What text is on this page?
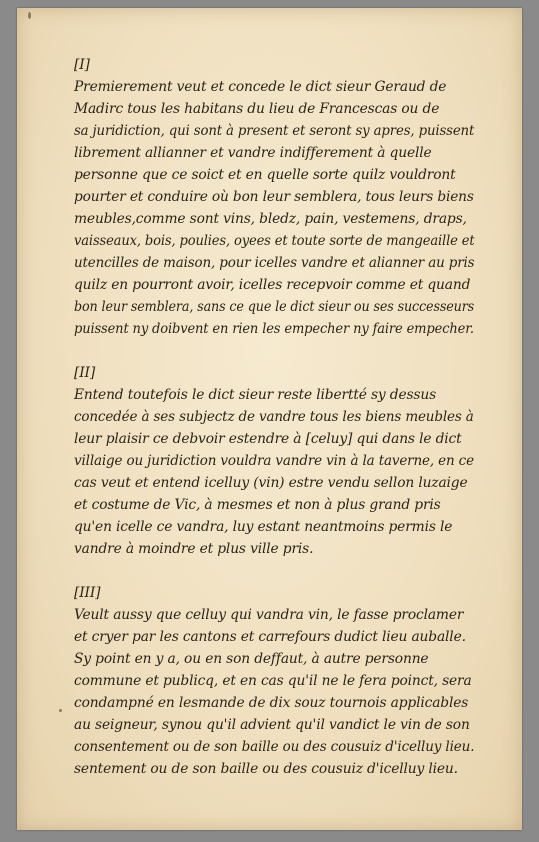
[I]
Premierement veut et concede le dict sieur Geraud de
Madirc tous les habitans du lieu de Francescas ou de
sa juridiction, qui sont à present et seront sy apres, puissent
librement allianner et vandre indifferement à quelle
personne que ce soict et en quelle sorte quilz vouldront
pourter et conduire où bon leur semblera, tous leurs biens
meubles,comme sont vins, bledz, pain, vestemens, draps,
vaisseaux, bois, poulies, oyees et toute sorte de mangeaille et
utencilles de maison, pour icelles vandre et alianner au pris
quilz en pourront avoir, icelles recepvoir comme et quand
bon leur semblera, sans ce que le dict sieur ou ses successeurs
puissent ny doibvent en rien les empecher ny faire empecher.
[II]
Entend toutefois le dict sieur reste libertté sy dessus
concedée à ses subjectz de vandre tous les biens meubles à
leur plaisir ce debvoir estendre à [celuy] qui dans le dict
villaige ou juridiction vouldra vandre vin à la taverne, en ce
cas veut et entend icelluy (vin) estre vendu sellon luzaige
et costume de Vic, à mesmes et non à plus grand pris
qu'en icelle ce vandra, luy estant neantmoins permis le
vandre à moindre et plus ville pris.
[III]
Veult aussy que celluy qui vandra vin, le fasse proclamer
et cryer par les cantons et carrefours dudict lieu auballe.
Sy point en y a, ou en son deffaut, à autre personne
commune et publicq, et en cas qu'il ne le fera poinct, sera
condampné en lesmande de dix souz tournois applicables
au seigneur, synou qu'il advient qu'il vandict le vin de son
consentement ou de son baille ou des cousuiz d'icelluy lieu.
sentement ou de son baille ou des cousuiz d'icelluy lieu.
